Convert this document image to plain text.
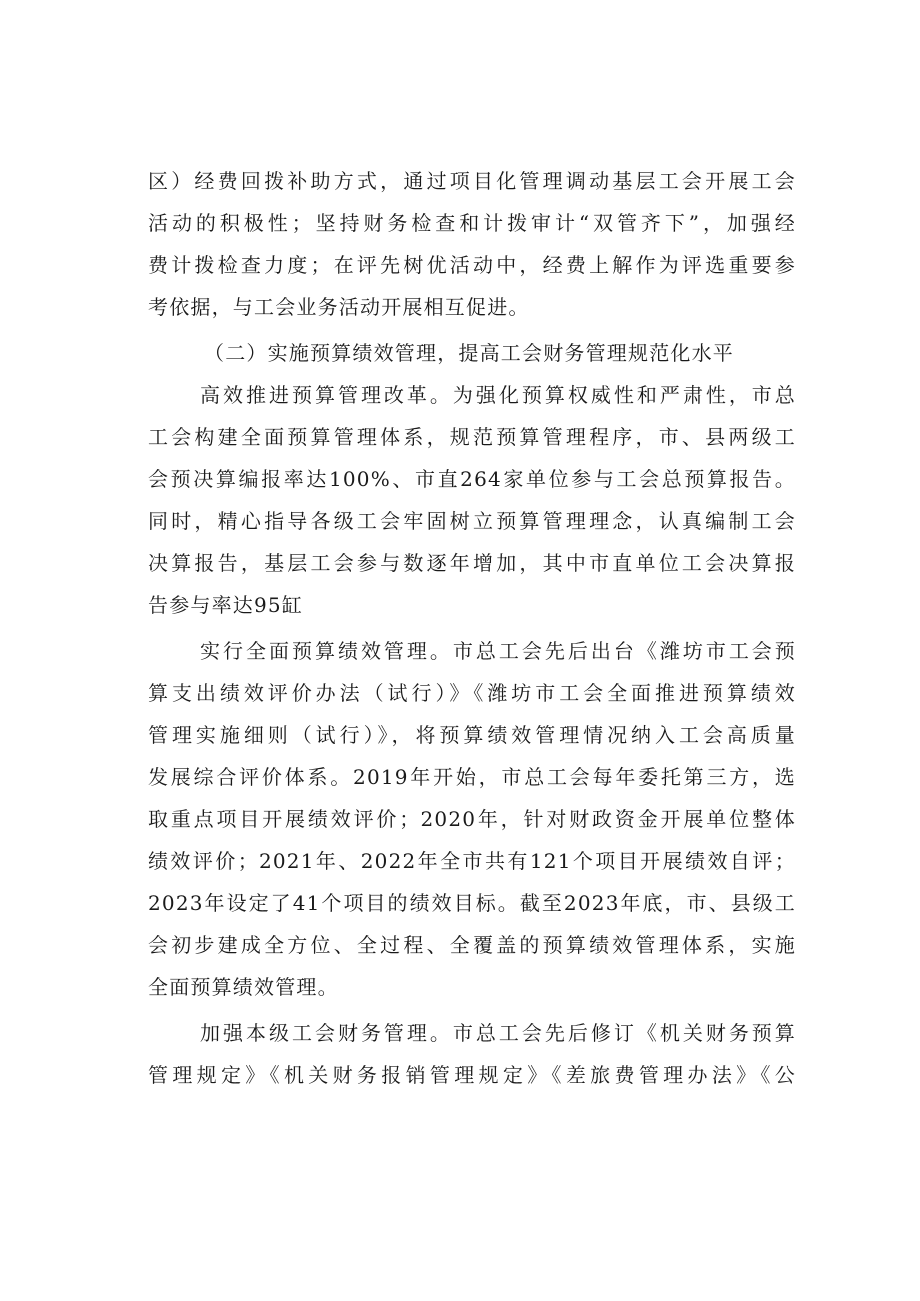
区）经费回拨补助方式，通过项目化管理调动基层工会开展工会
活动的积极性；坚持财务检查和计拨审计“双管齐下”，加强经
费计拨检查力度；在评先树优活动中，经费上解作为评选重要参
考依据，与工会业务活动开展相互促进。
（二）实施预算绩效管理，提高工会财务管理规范化水平
高效推进预算管理改革。为强化预算权威性和严肃性，市总
工会构建全面预算管理体系，规范预算管理程序，市、县两级工
会预决算编报率达100%、市直264家单位参与工会总预算报告。
同时，精心指导各级工会牢固树立预算管理理念，认真编制工会
决算报告，基层工会参与数逐年增加，其中市直单位工会决算报
告参与率达95缸
实行全面预算绩效管理。市总工会先后出台《潍坊市工会预
算支出绩效评价办法（试行）》《潍坊市工会全面推进预算绩效
管理实施细则（试行）》，将预算绩效管理情况纳入工会高质量
发展综合评价体系。2019年开始，市总工会每年委托第三方，选
取重点项目开展绩效评价；2020年，针对财政资金开展单位整体
绩效评价；2021年、2022年全市共有121个项目开展绩效自评；
2023年设定了41个项目的绩效目标。截至2023年底，市、县级工
会初步建成全方位、全过程、全覆盖的预算绩效管理体系，实施
全面预算绩效管理。
加强本级工会财务管理。市总工会先后修订《机关财务预算
管理规定》《机关财务报销管理规定》《差旅费管理办法》《公
